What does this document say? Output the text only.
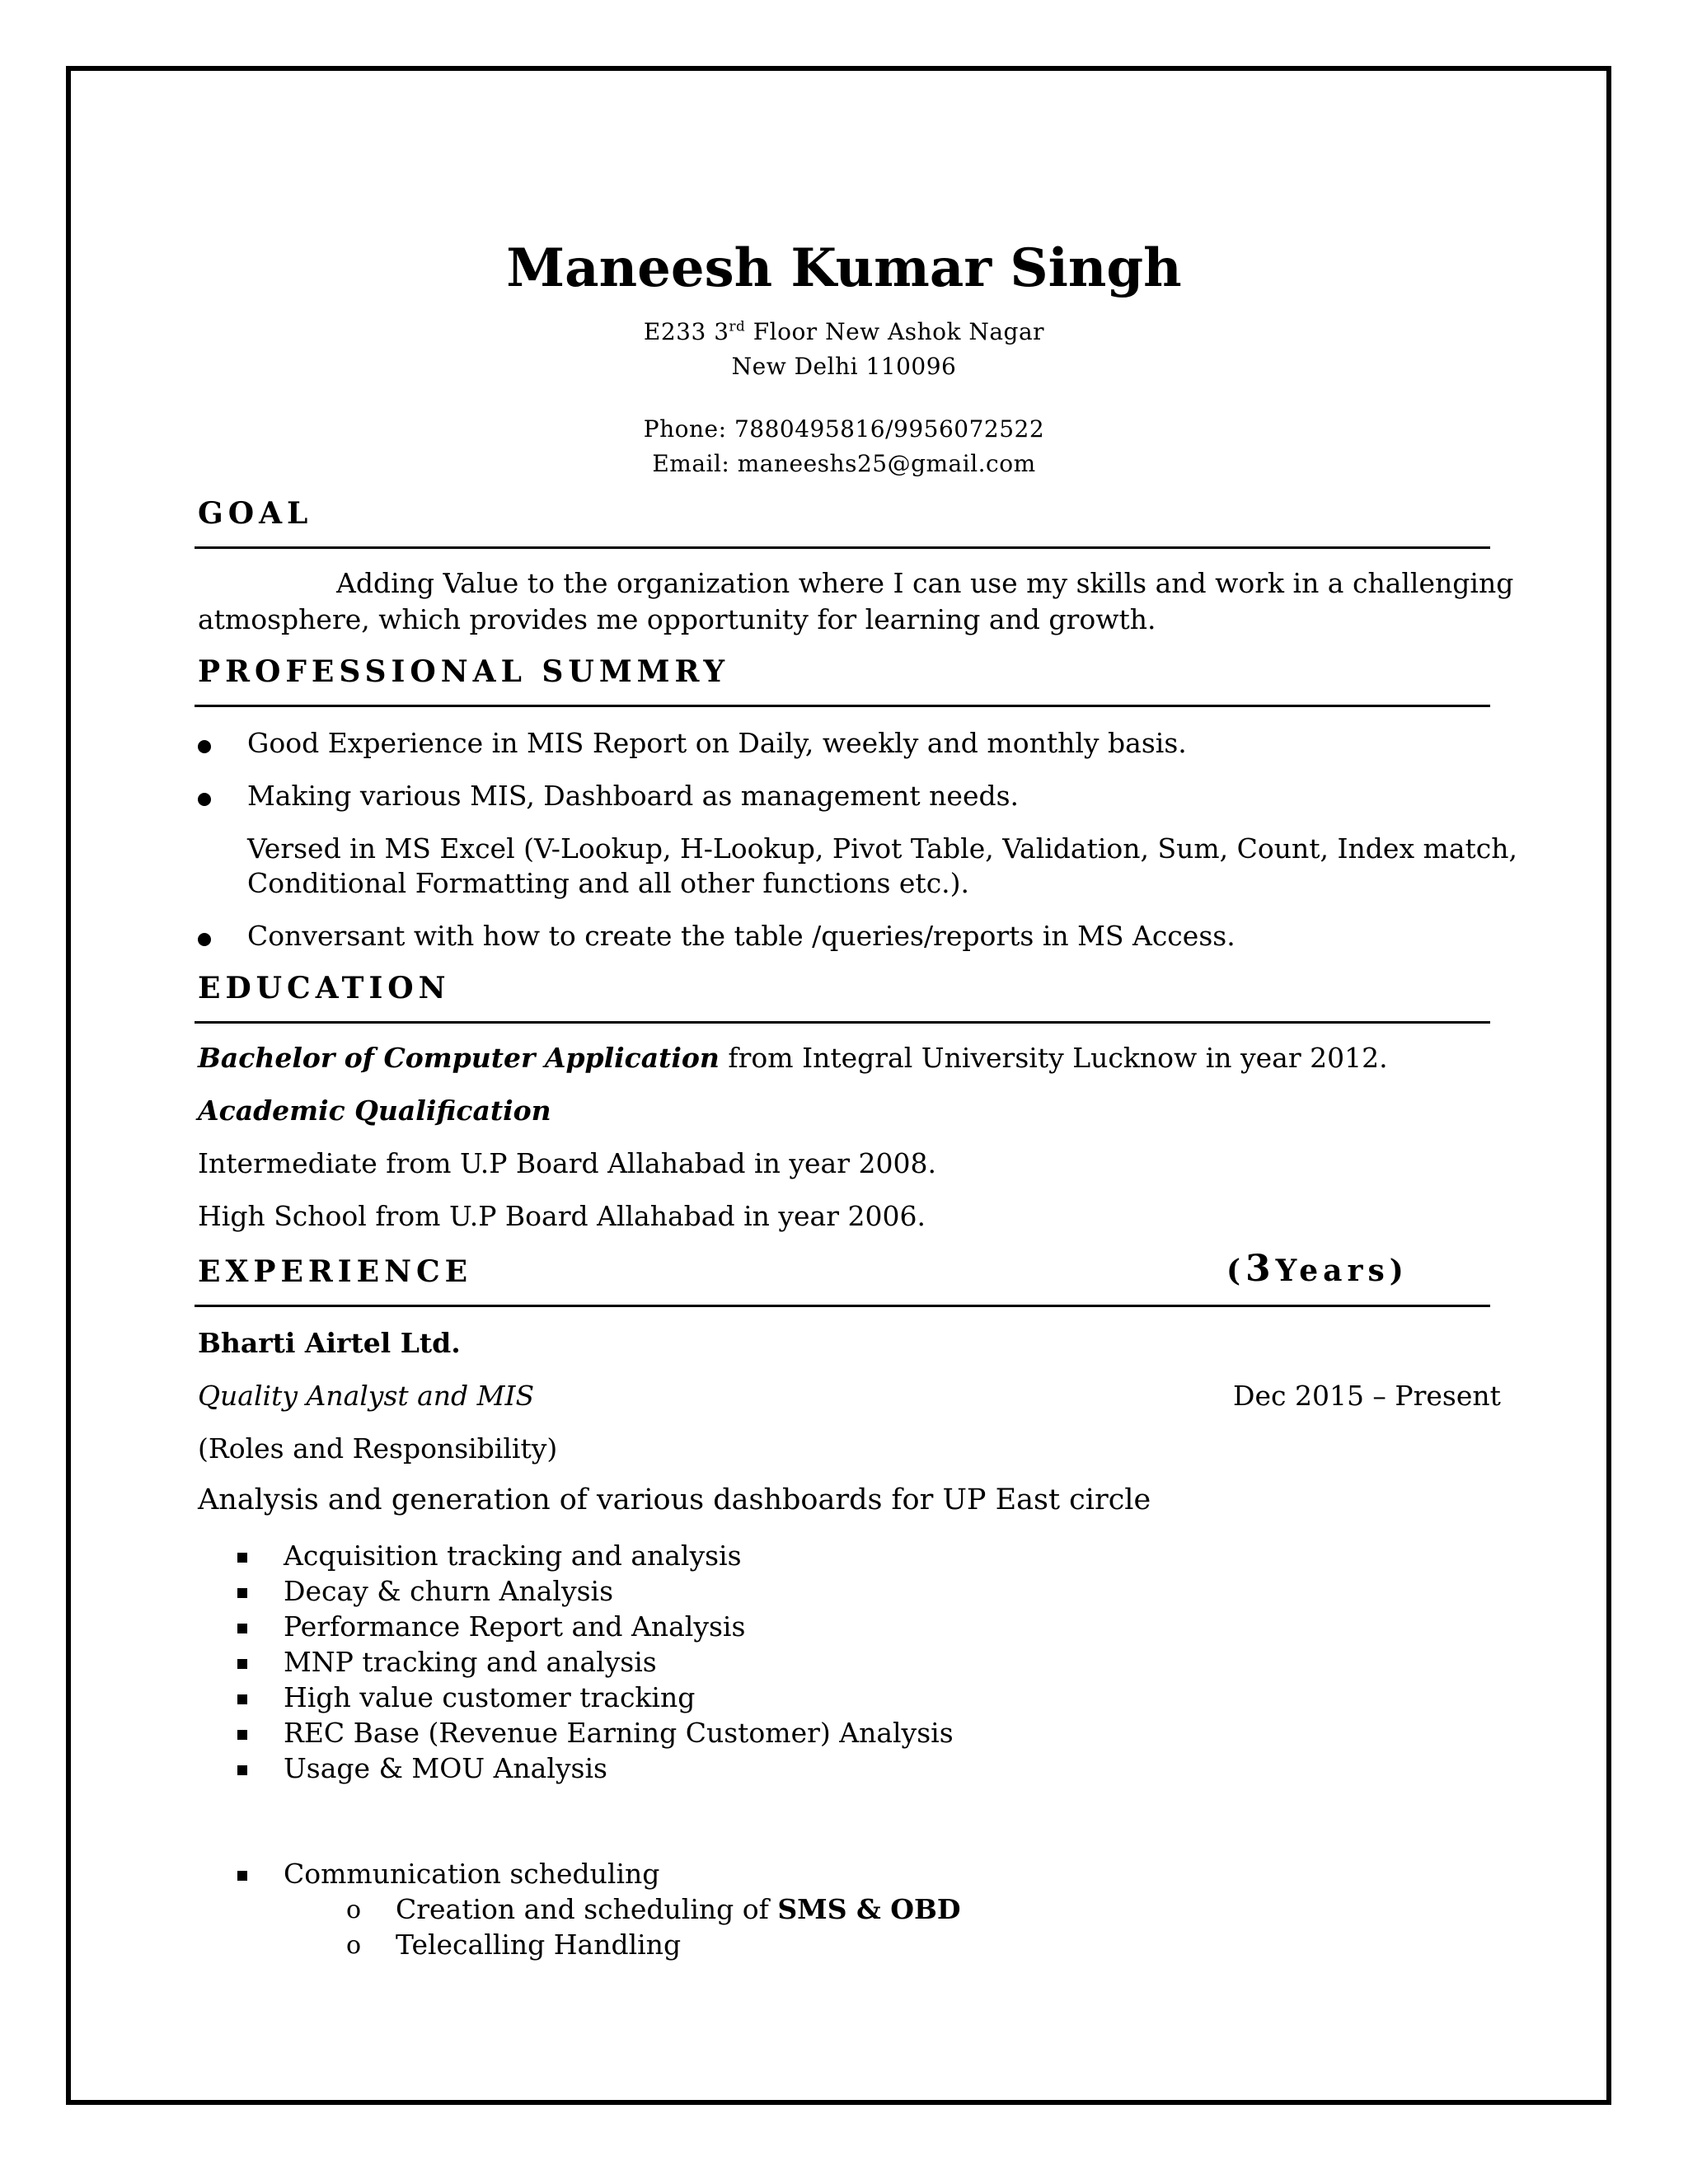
Maneesh Kumar Singh
E233 3rd Floor New Ashok Nagar
New Delhi 110096
Phone: 7880495816/9956072522
Email: maneeshs25@gmail.com
GOAL
Adding Value to the organization where I can use my skills and work in a challenging
atmosphere, which provides me opportunity for learning and growth.
PROFESSIONAL SUMMRY
Good Experience in MIS Report on Daily, weekly and monthly basis.
Making various MIS, Dashboard as management needs.
Versed in MS Excel (V-Lookup, H-Lookup, Pivot Table, Validation, Sum, Count, Index match,
Conditional Formatting and all other functions etc.).
Conversant with how to create the table /queries/reports in MS Access.
EDUCATION
Bachelor of Computer Application from Integral University Lucknow in year 2012.
Academic Qualification
Intermediate from U.P Board Allahabad in year 2008.
High School from U.P Board Allahabad in year 2006.
EXPERIENCE	(3Years)
Bharti Airtel Ltd.
Quality Analyst and MIS	Dec 2015 – Present
(Roles and Responsibility)
Analysis and generation of various dashboards for UP East circle
Acquisition tracking and analysis
Decay & churn Analysis
Performance Report and Analysis
MNP tracking and analysis
High value customer tracking
REC Base (Revenue Earning Customer) Analysis
Usage & MOU Analysis
Communication scheduling
o Creation and scheduling of SMS & OBD
o Telecalling Handling
